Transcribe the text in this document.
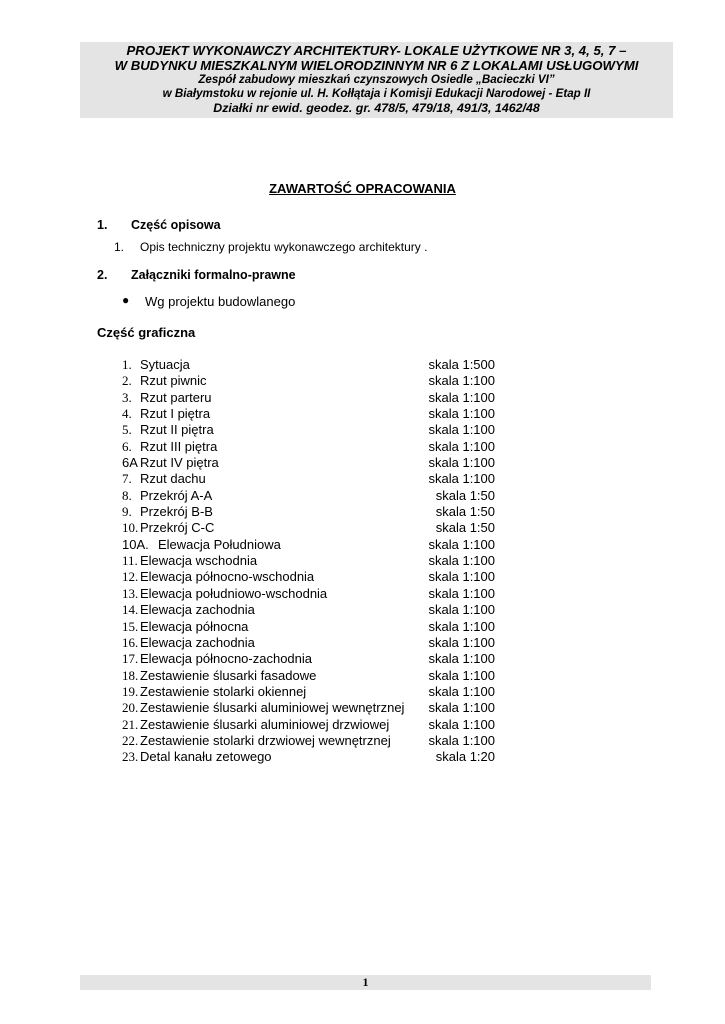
PROJEKT WYKONAWCZY ARCHITEKTURY- LOKALE UŻYTKOWE NR 3, 4, 5, 7 –
W BUDYNKU MIESZKALNYM WIELORODZINNYM NR 6 Z LOKALAMI USŁUGOWYMI
Zespół zabudowy mieszkań czynszowych Osiedle „Bacieczki VI”
w Białymstoku w rejonie ul. H. Kołłątaja i Komisji Edukacji Narodowej - Etap II
Działki nr ewid. geodez. gr. 478/5, 479/18, 491/3, 1462/48
ZAWARTOŚĆ OPRACOWANIA
1. Część opisowa
1. Opis techniczny projektu wykonawczego architektury .
2. Załączniki formalno-prawne
● Wg projektu budowlanego
Część graficzna
1. Sytuacja	skala 1:500
2. Rzut piwnic	skala 1:100
3. Rzut parteru	skala 1:100
4. Rzut I piętra	skala 1:100
5. Rzut II piętra	skala 1:100
6. Rzut III piętra	skala 1:100
6A Rzut IV piętra	skala 1:100
7. Rzut dachu	skala 1:100
8. Przekrój A-A	skala 1:50
9. Przekrój B-B	skala 1:50
10. Przekrój C-C	skala 1:50
10A. Elewacja Południowa	skala 1:100
11. Elewacja wschodnia	skala 1:100
12. Elewacja północno-wschodnia	skala 1:100
13. Elewacja południowo-wschodnia	skala 1:100
14. Elewacja zachodnia	skala 1:100
15. Elewacja północna	skala 1:100
16. Elewacja zachodnia	skala 1:100
17. Elewacja północno-zachodnia	skala 1:100
18. Zestawienie ślusarki fasadowe	skala 1:100
19. Zestawienie stolarki okiennej	skala 1:100
20. Zestawienie ślusarki aluminiowej wewnętrznej skala 1:100
21. Zestawienie ślusarki aluminiowej drzwiowej	skala 1:100
22. Zestawienie stolarki drzwiowej wewnętrznej	skala 1:100
23. Detal kanału zetowego	skala 1:20
1
